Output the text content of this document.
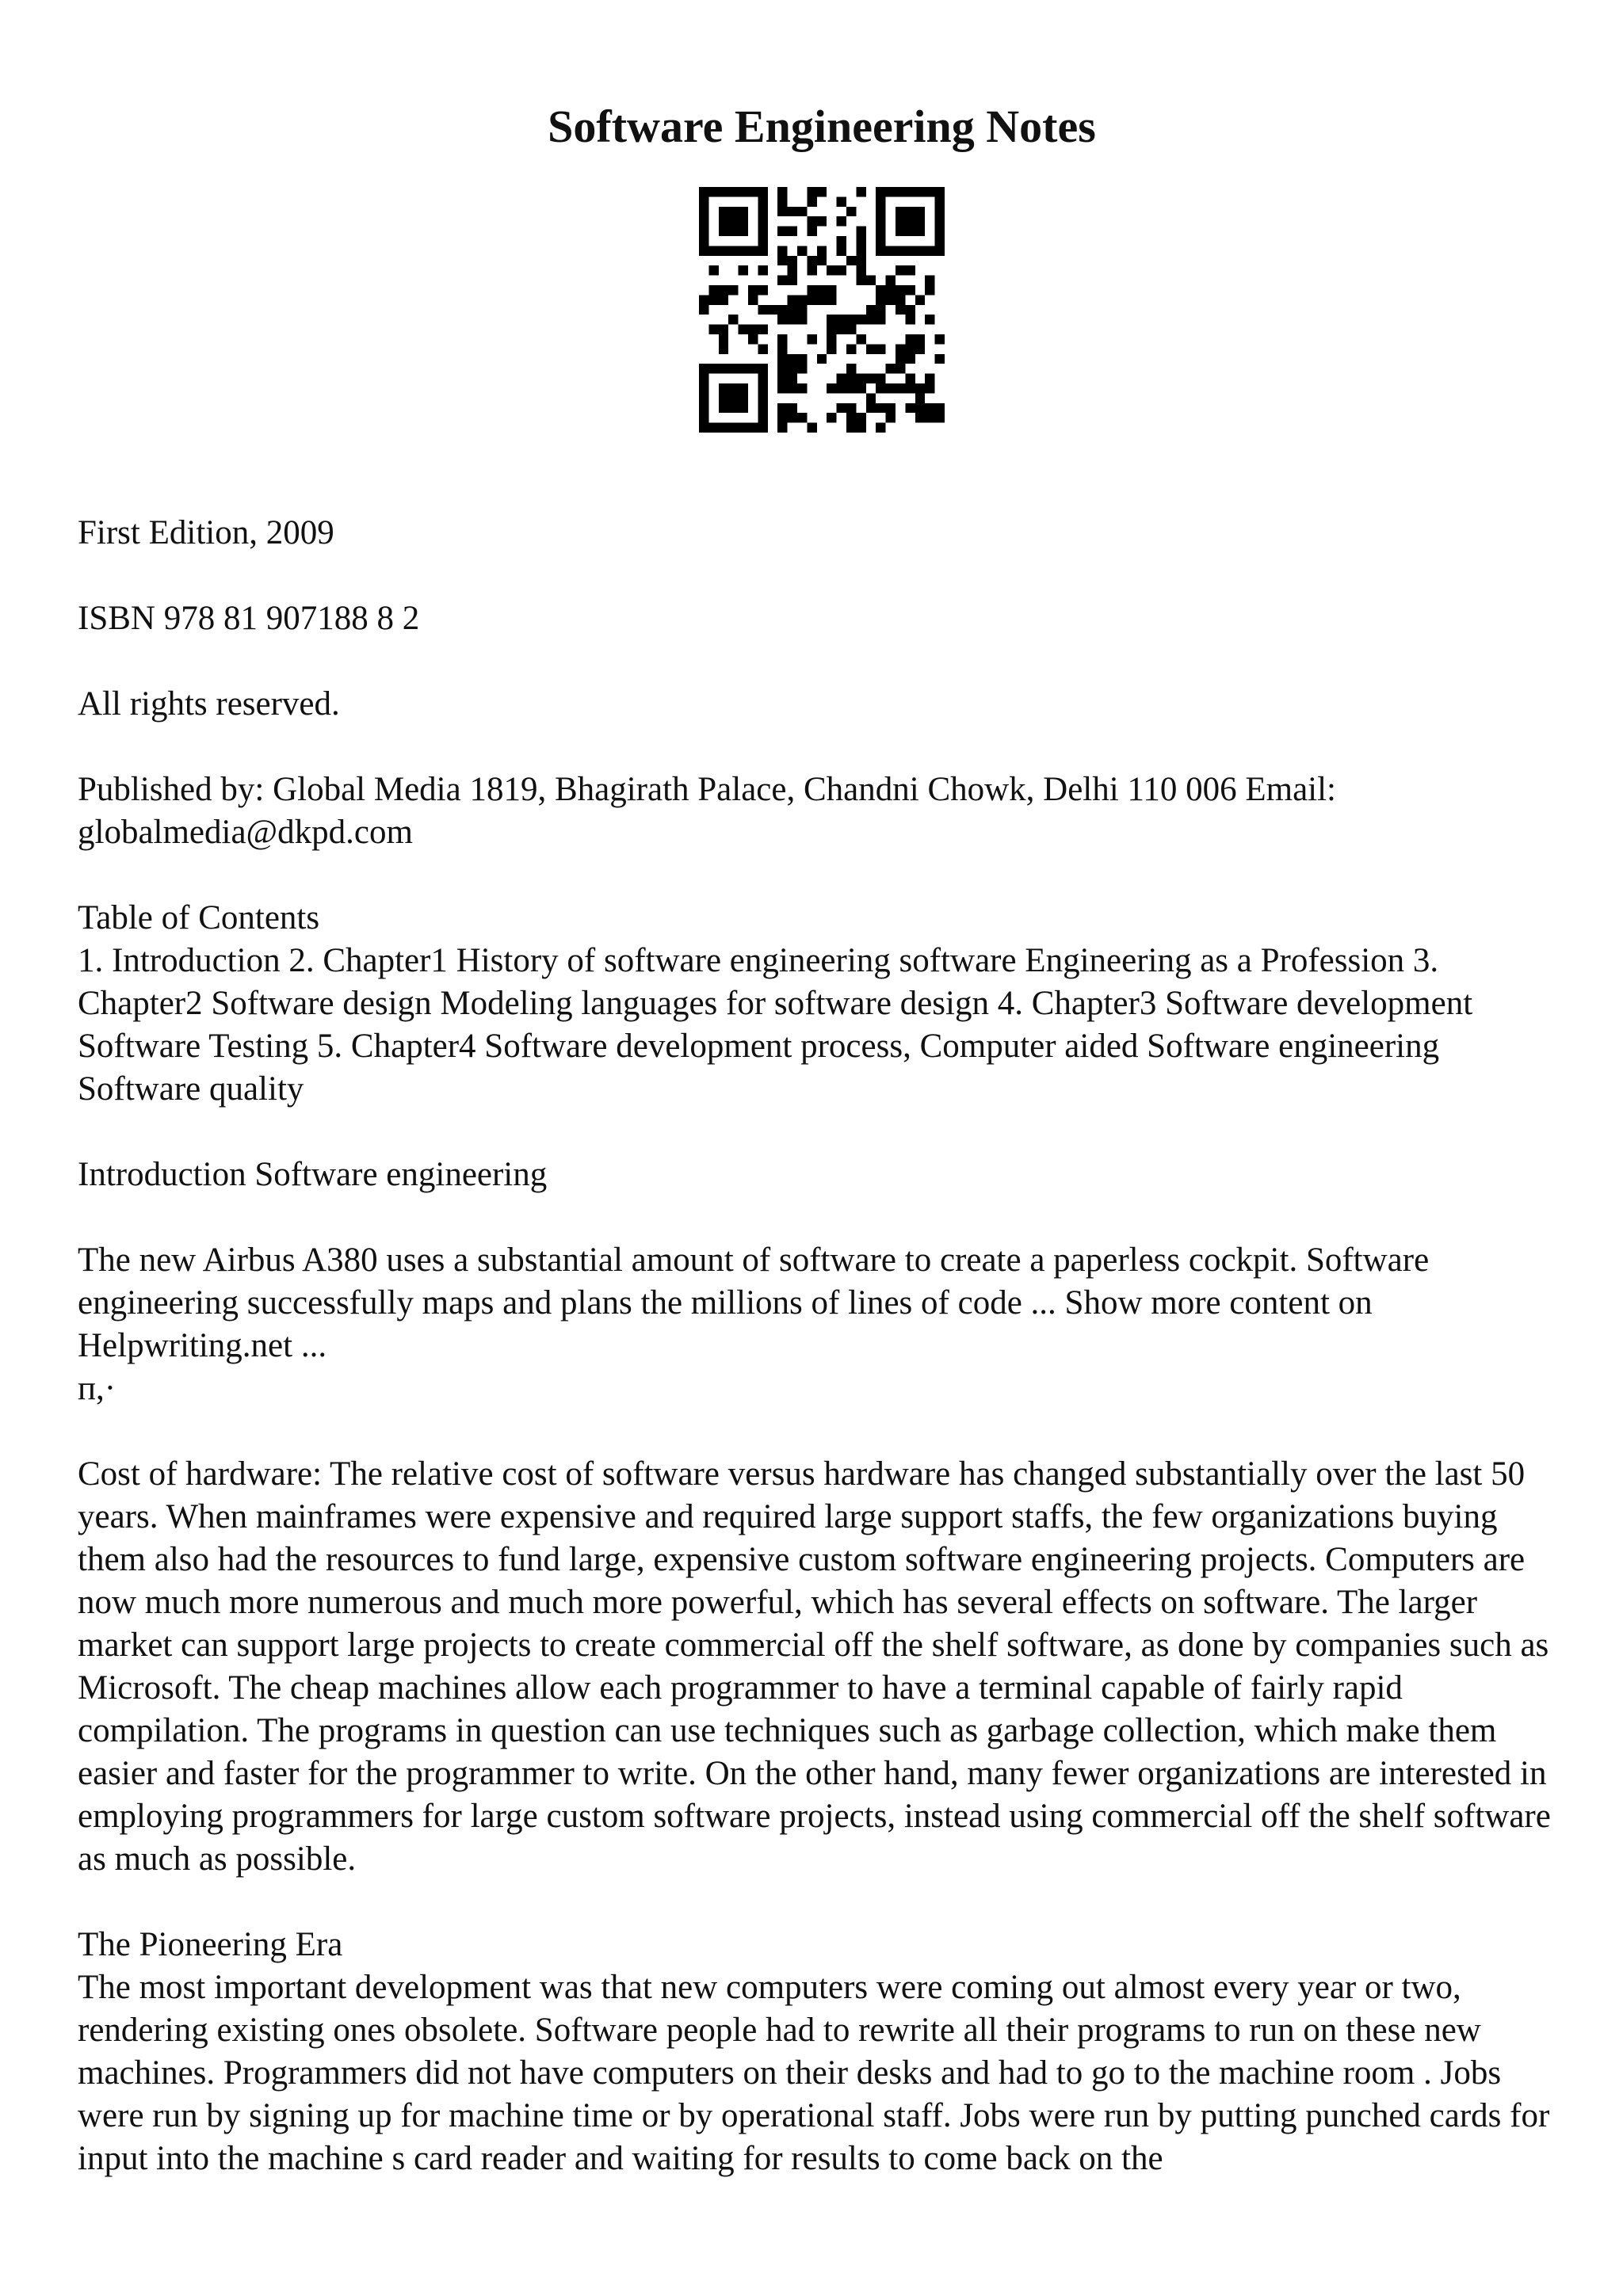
Software Engineering Notes

First Edition, 2009

ISBN 978 81 907188 8 2

All rights reserved.

Published by: Global Media 1819, Bhagirath Palace, Chandni Chowk, Delhi 110 006 Email: globalmedia@dkpd.com

Table of Contents

1. Introduction 2. Chapter1 History of software engineering software Engineering as a Profession 3. Chapter2 Software design Modeling languages for software design 4. Chapter3 Software development Software Testing 5. Chapter4 Software development process, Computer aided Software engineering Software quality

Introduction Software engineering

The new Airbus A380 uses a substantial amount of software to create a paperless cockpit. Software engineering successfully maps and plans the millions of lines of code ... Show more content on Helpwriting.net ...

п,·

Cost of hardware: The relative cost of software versus hardware has changed substantially over the last 50 years. When mainframes were expensive and required large support staffs, the few organizations buying them also had the resources to fund large, expensive custom software engineering projects. Computers are now much more numerous and much more powerful, which has several effects on software. The larger market can support large projects to create commercial off the shelf software, as done by companies such as Microsoft. The cheap machines allow each programmer to have a terminal capable of fairly rapid compilation. The programs in question can use techniques such as garbage collection, which make them easier and faster for the programmer to write. On the other hand, many fewer organizations are interested in employing programmers for large custom software projects, instead using commercial off the shelf software as much as possible.

The Pioneering Era

The most important development was that new computers were coming out almost every year or two, rendering existing ones obsolete. Software people had to rewrite all their programs to run on these new machines. Programmers did not have computers on their desks and had to go to the machine room . Jobs were run by signing up for machine time or by operational staff. Jobs were run by putting punched cards for input into the machine s card reader and waiting for results to come back on the
